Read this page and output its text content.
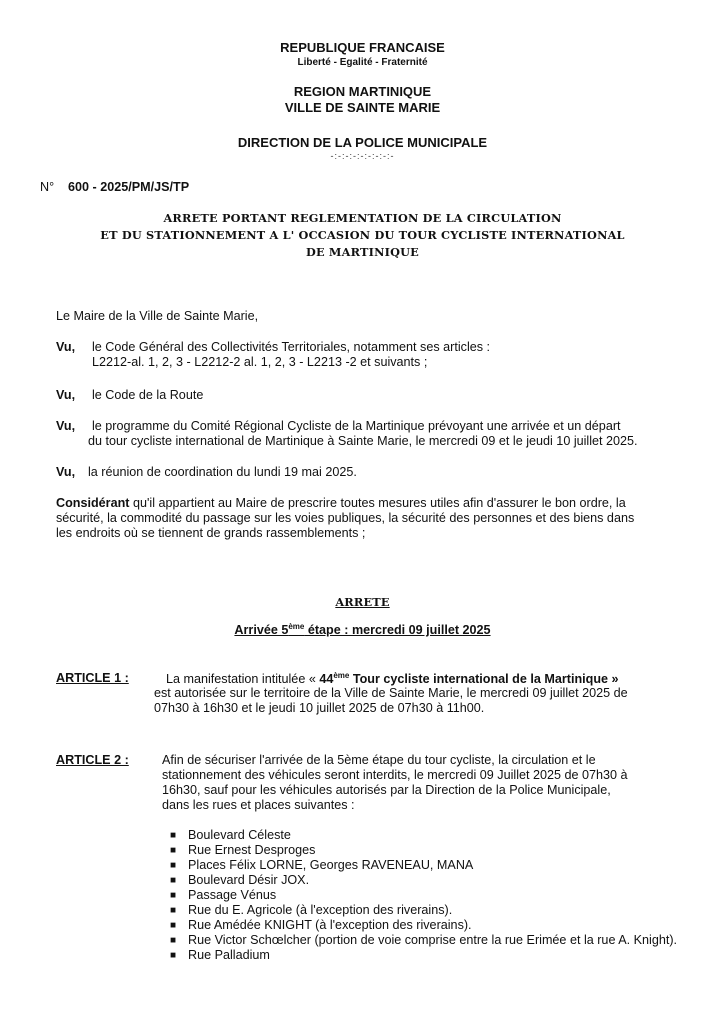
REPUBLIQUE FRANCAISE
Liberté - Egalité - Fraternité
REGION MARTINIQUE
VILLE DE SAINTE MARIE
DIRECTION DE LA POLICE MUNICIPALE
-:-:-:-:-:-:-:-:-
N° 600 - 2025/PM/JS/TP
ARRETE PORTANT REGLEMENTATION DE LA CIRCULATION
ET DU STATIONNEMENT A L' OCCASION DU TOUR CYCLISTE INTERNATIONAL
DE MARTINIQUE
Le Maire de la Ville de Sainte Marie,
Vu, le Code Général des Collectivités Territoriales, notamment ses articles :
L2212-al. 1, 2, 3 - L2212-2 al. 1, 2, 3 - L2213 -2 et suivants ;
Vu, le Code de la Route
Vu, le programme du Comité Régional Cycliste de la Martinique prévoyant une arrivée et un départ
du tour cycliste international de Martinique à Sainte Marie, le mercredi 09 et le jeudi 10 juillet 2025.
Vu, la réunion de coordination du lundi 19 mai 2025.
Considérant qu'il appartient au Maire de prescrire toutes mesures utiles afin d'assurer le bon ordre, la
sécurité, la commodité du passage sur les voies publiques, la sécurité des personnes et des biens dans
les endroits où se tiennent de grands rassemblements ;
ARRETE
Arrivée 5ème étape : mercredi 09 juillet 2025
ARTICLE 1 :	La manifestation intitulée « 44ème Tour cycliste international de la Martinique »
est autorisée sur le territoire de la Ville de Sainte Marie, le mercredi 09 juillet 2025 de
07h30 à 16h30 et le jeudi 10 juillet 2025 de 07h30 à 11h00.
ARTICLE 2 :	Afin de sécuriser l'arrivée de la 5ème étape du tour cycliste, la circulation et le
stationnement des véhicules seront interdits, le mercredi 09 Juillet 2025 de 07h30 à
16h30, sauf pour les véhicules autorisés par la Direction de la Police Municipale,
dans les rues et places suivantes :
■ Boulevard Céleste
■ Rue Ernest Desproges
■ Places Félix LORNE, Georges RAVENEAU, MANA
■ Boulevard Désir JOX.
■ Passage Vénus
■ Rue du E. Agricole (à l'exception des riverains).
■ Rue Amédée KNIGHT (à l'exception des riverains).
■ Rue Victor Schœlcher (portion de voie comprise entre la rue Erimée et la rue A. Knight).
■ Rue Palladium
